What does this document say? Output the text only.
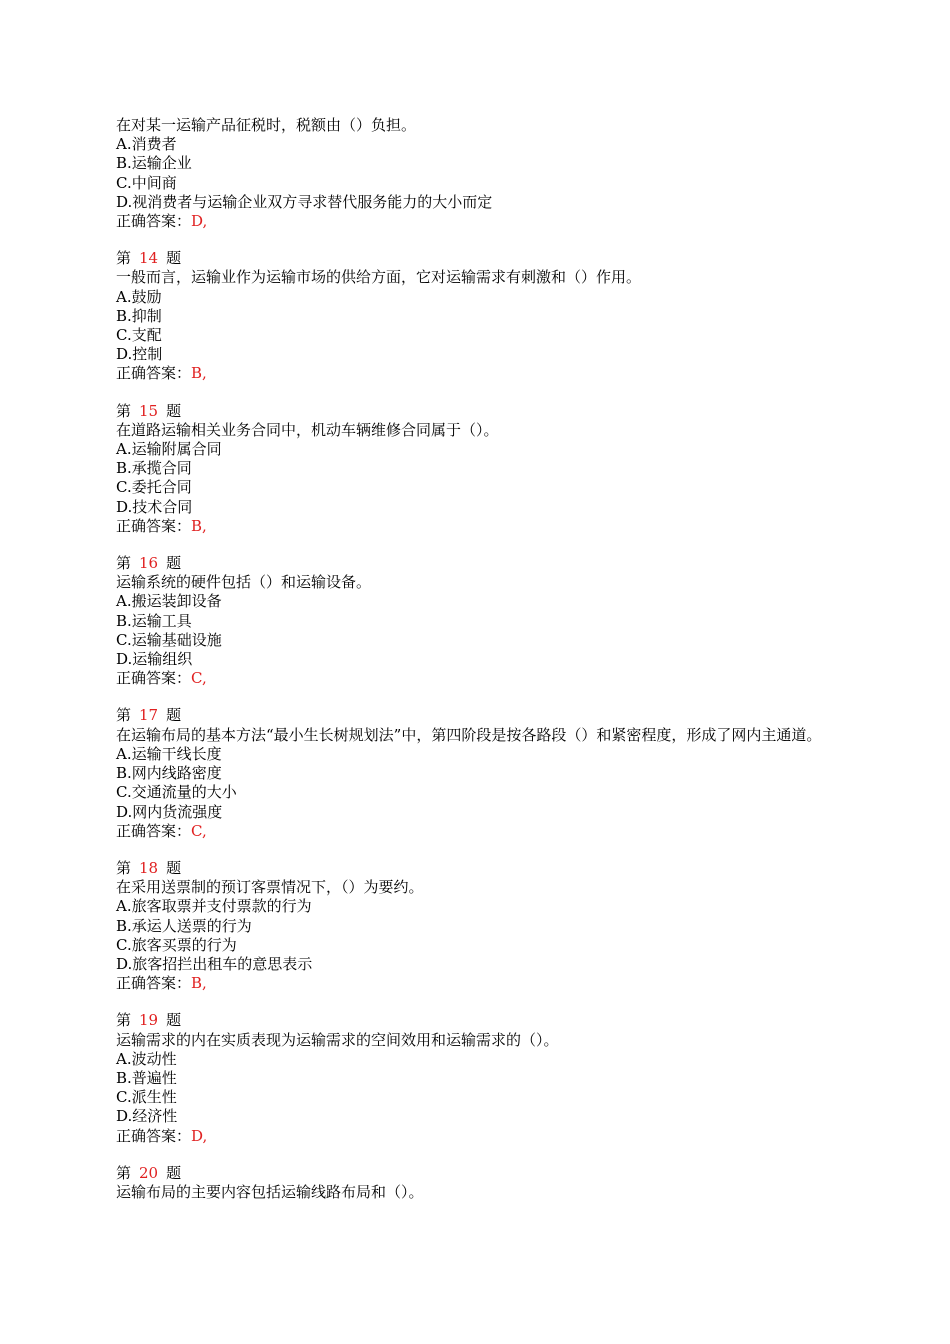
在对某一运输产品征税时，税额由（）负担。
A.消费者
B.运输企业
C.中间商
D.视消费者与运输企业双方寻求替代服务能力的大小而定
正确答案：D,
第 14 题
一般而言，运输业作为运输市场的供给方面，它对运输需求有刺激和（）作用。
A.鼓励
B.抑制
C.支配
D.控制
正确答案：B,
第 15 题
在道路运输相关业务合同中，机动车辆维修合同属于（）。
A.运输附属合同
B.承揽合同
C.委托合同
D.技术合同
正确答案：B,
第 16 题
运输系统的硬件包括（）和运输设备。
A.搬运装卸设备
B.运输工具
C.运输基础设施
D.运输组织
正确答案：C,
第 17 题
在运输布局的基本方法“最小生长树规划法”中，第四阶段是按各路段（）和紧密程度，形成了网内主通道。
A.运输干线长度
B.网内线路密度
C.交通流量的大小
D.网内货流强度
正确答案：C,
第 18 题
在采用送票制的预订客票情况下，（）为要约。
A.旅客取票并支付票款的行为
B.承运人送票的行为
C.旅客买票的行为
D.旅客招拦出租车的意思表示
正确答案：B,
第 19 题
运输需求的内在实质表现为运输需求的空间效用和运输需求的（）。
A.波动性
B.普遍性
C.派生性
D.经济性
正确答案：D,
第 20 题
运输布局的主要内容包括运输线路布局和（）。
